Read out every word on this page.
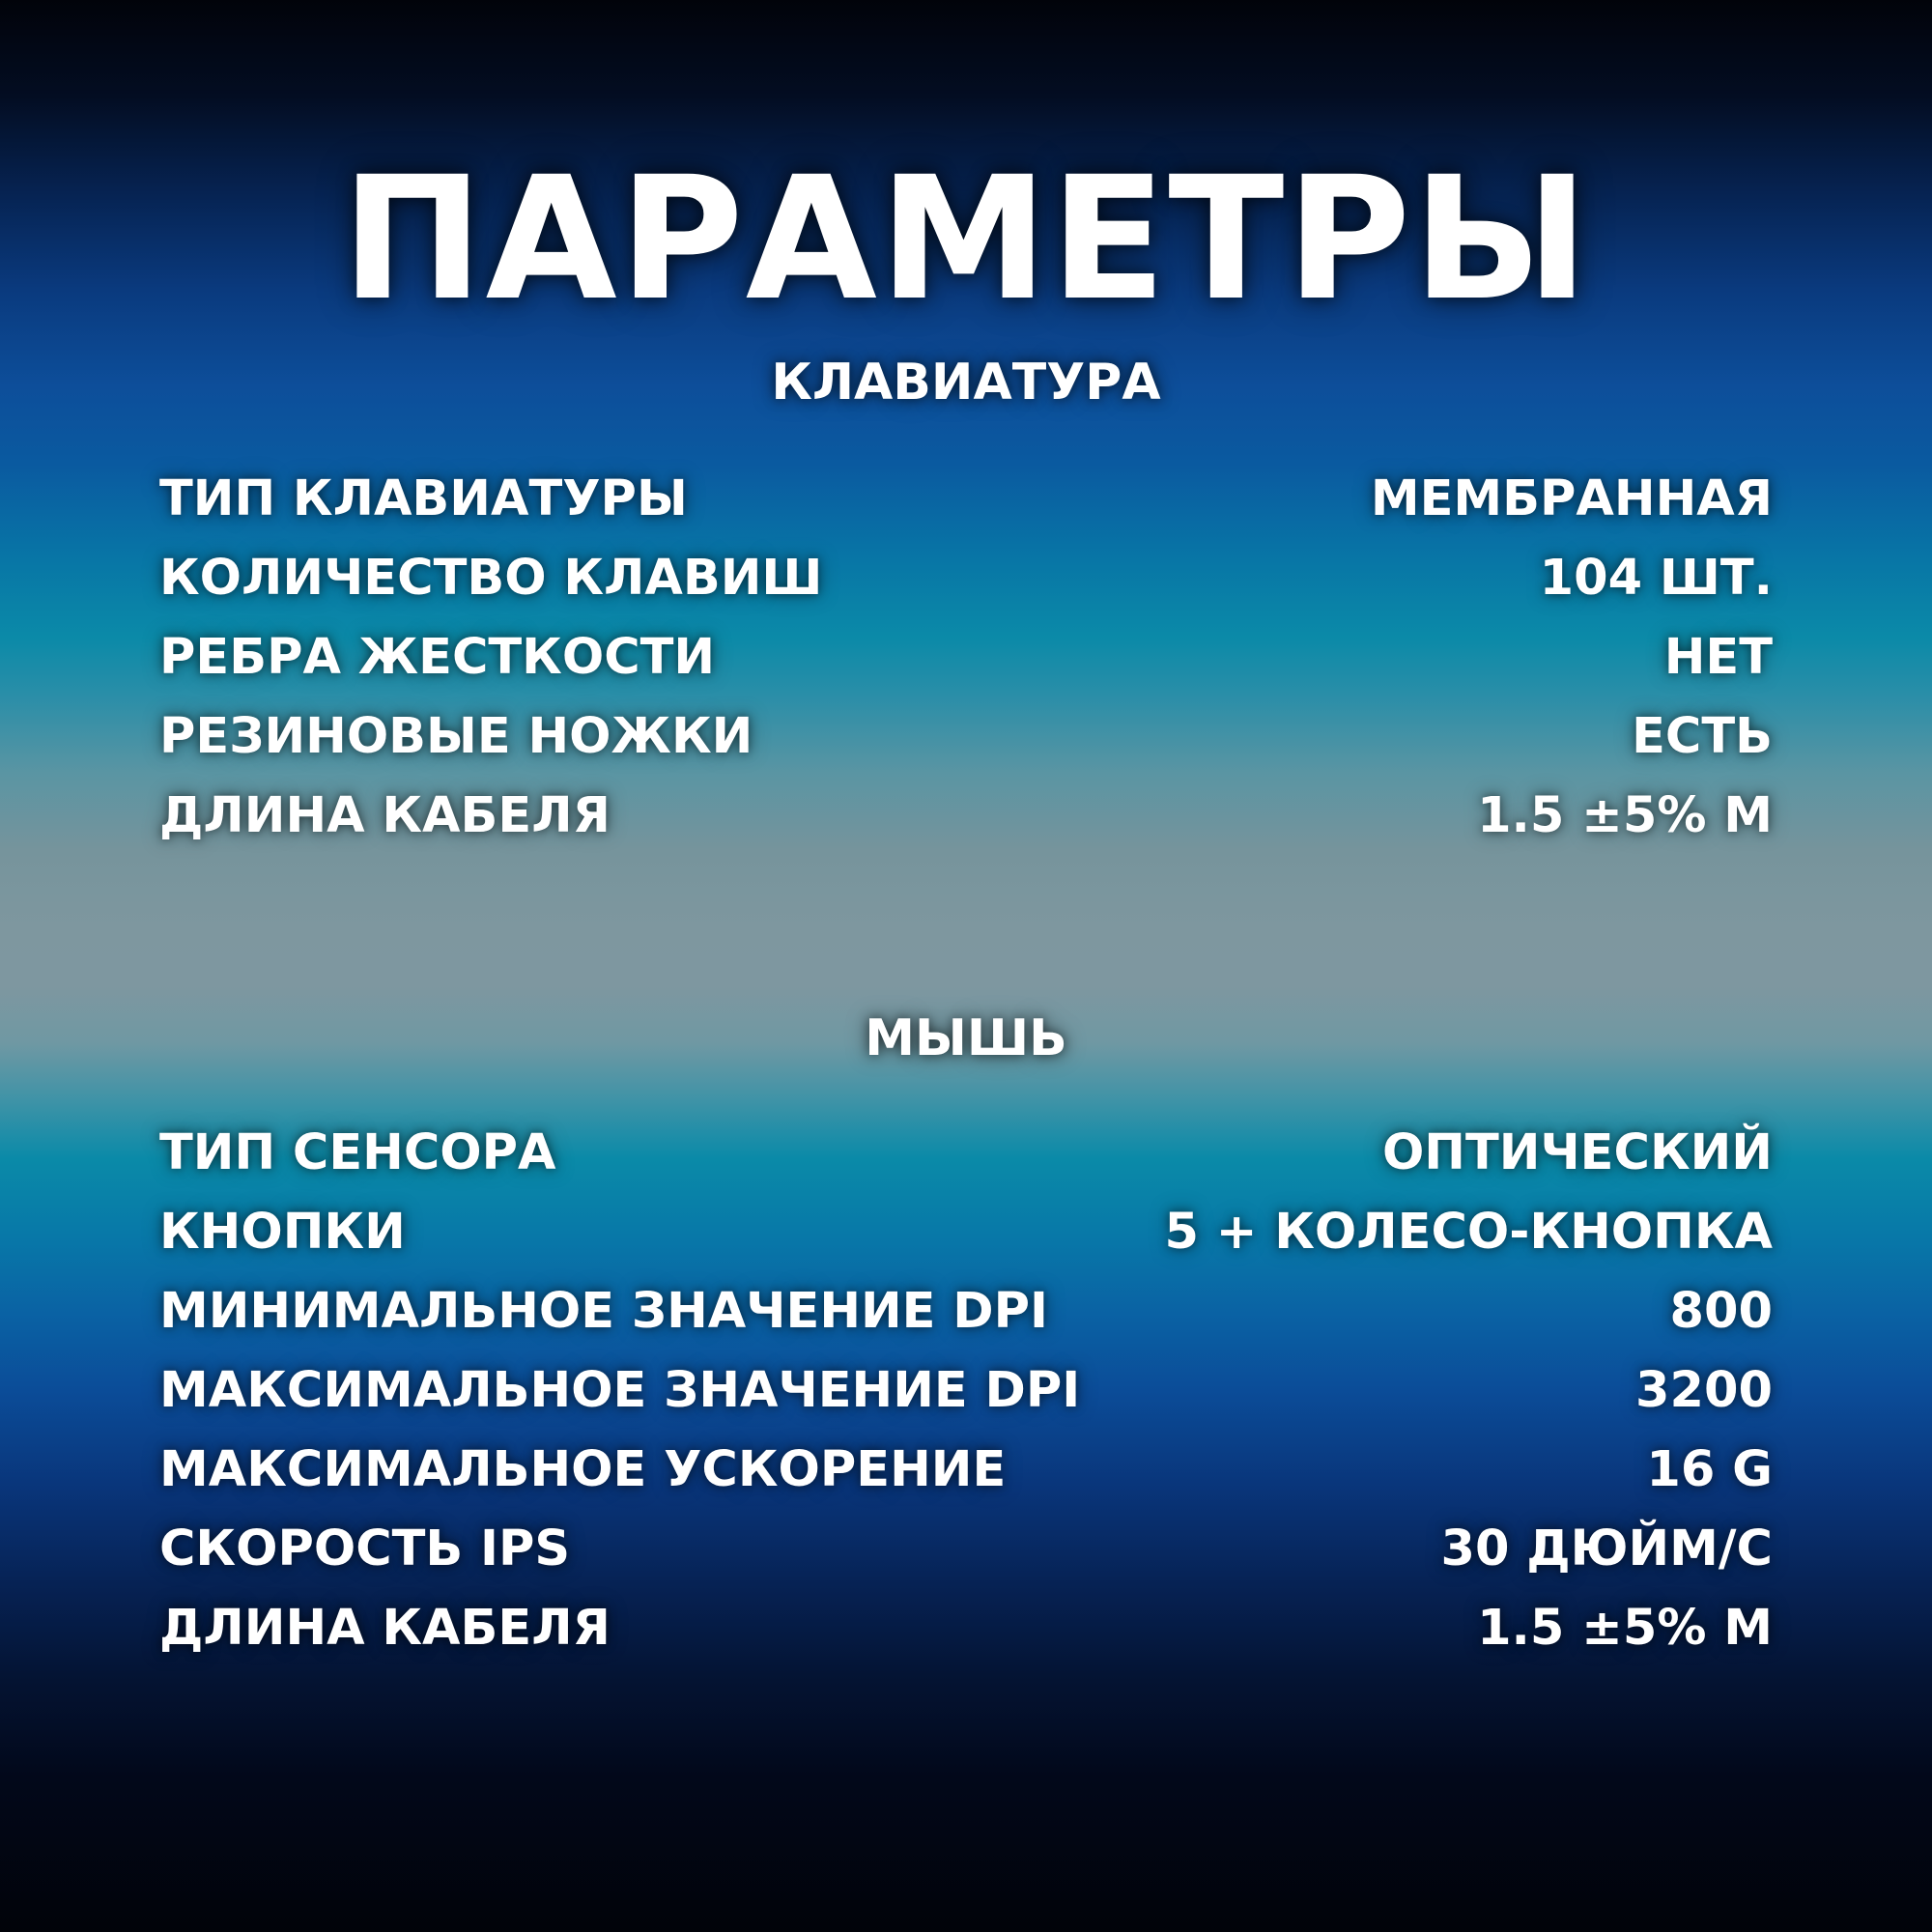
ПАРАМЕТРЫ
КЛАВИАТУРА
ТИП КЛАВИАТУРЫ	МЕМБРАННАЯ
КОЛИЧЕСТВО КЛАВИШ	104 ШТ.
РЕБРА ЖЕСТКОСТИ	НЕТ
РЕЗИНОВЫЕ НОЖКИ	ЕСТЬ
ДЛИНА КАБЕЛЯ	1.5 ±5% М
МЫШЬ
ТИП СЕНСОРА	ОПТИЧЕСКИЙ
КНОПКИ	5 + КОЛЕСО-КНОПКА
МИНИМАЛЬНОЕ ЗНАЧЕНИЕ DPI	800
МАКСИМАЛЬНОЕ ЗНАЧЕНИЕ DPI	3200
МАКСИМАЛЬНОЕ УСКОРЕНИЕ	16 G
СКОРОСТЬ IPS	30 ДЮЙМ/С
ДЛИНА КАБЕЛЯ	1.5 ±5% М
